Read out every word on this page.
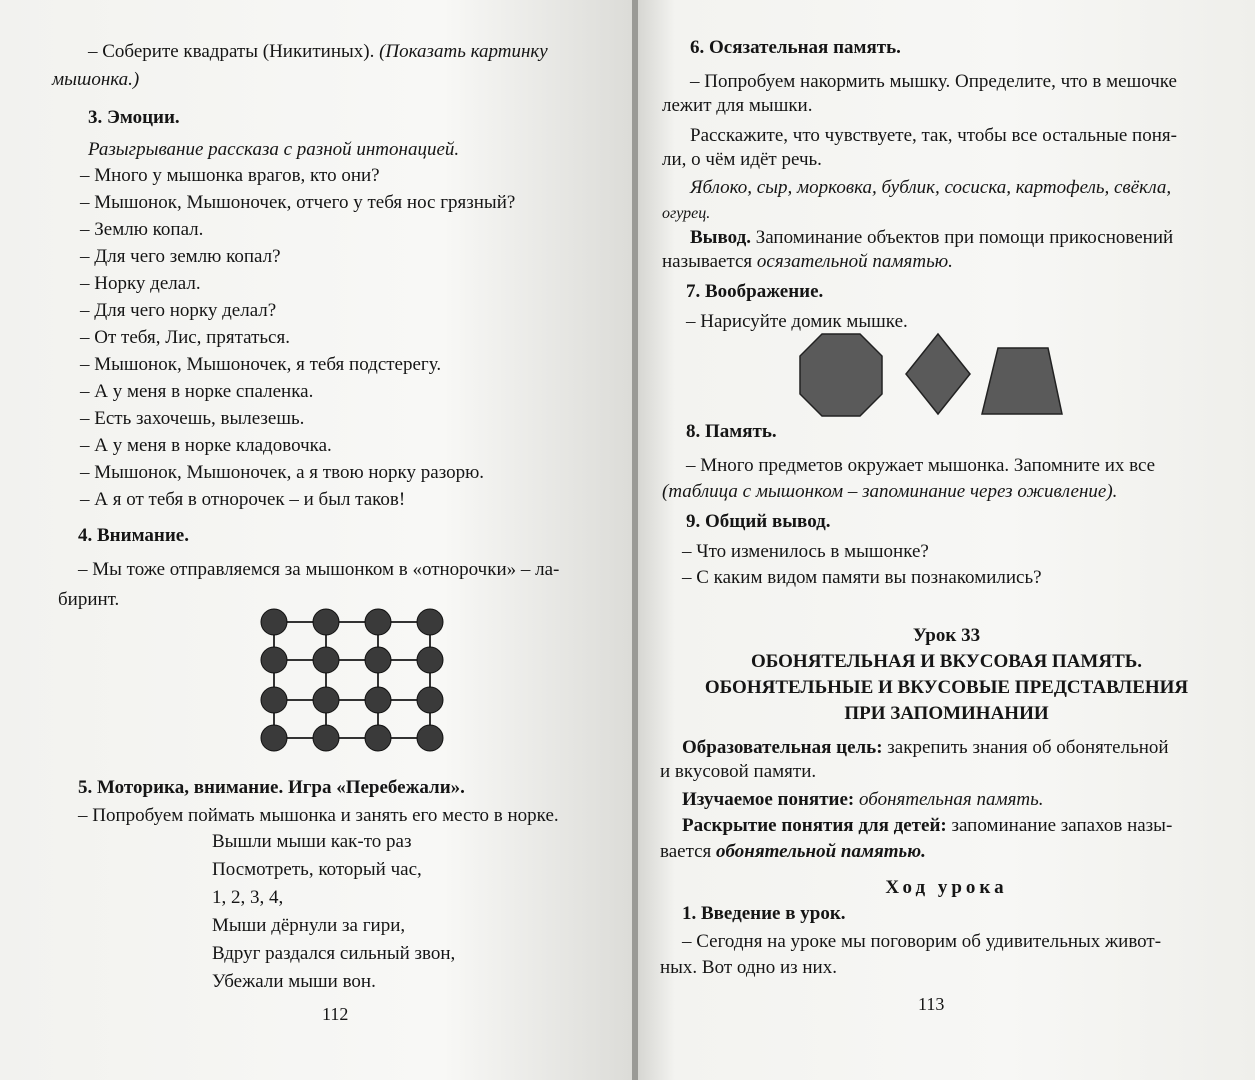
– Соберите квадраты (Никитиных). (Показать картинку
мышонка.)
3. Эмоции.
Разыгрывание рассказа с разной интонацией.
– Много у мышонка врагов, кто они?
– Мышонок, Мышоночек, отчего у тебя нос грязный?
– Землю копал.
– Для чего землю копал?
– Норку делал.
– Для чего норку делал?
– От тебя, Лис, прятаться.
– Мышонок, Мышоночек, я тебя подстерегу.
– А у меня в норке спаленка.
– Есть захочешь, вылезешь.
– А у меня в норке кладовочка.
– Мышонок, Мышоночек, а я твою норку разорю.
– А я от тебя в отнорочек – и был таков!
4. Внимание.
– Мы тоже отправляемся за мышонком в «отнорочки» – ла-
биринт.
5. Моторика, внимание. Игра «Перебежали».
– Попробуем поймать мышонка и занять его место в норке.
Вышли мыши как-то раз
Посмотреть, который час,
1, 2, 3, 4,
Мыши дёрнули за гири,
Вдруг раздался сильный звон,
Убежали мыши вон.
112
6. Осязательная память.
– Попробуем накормить мышку. Определите, что в мешочке
лежит для мышки.
Расскажите, что чувствуете, так, чтобы все остальные поня-
ли, о чём идёт речь.
Яблоко, сыр, морковка, бублик, сосиска, картофель, свёкла,
огурец.
Вывод. Запоминание объектов при помощи прикосновений
называется осязательной памятью.
7. Воображение.
– Нарисуйте домик мышке.
8. Память.
– Много предметов окружает мышонка. Запомните их все
(таблица с мышонком – запоминание через оживление).
9. Общий вывод.
– Что изменилось в мышонке?
– С каким видом памяти вы познакомились?
Урок 33
ОБОНЯТЕЛЬНАЯ И ВКУСОВАЯ ПАМЯТЬ.
ОБОНЯТЕЛЬНЫЕ И ВКУСОВЫЕ ПРЕДСТАВЛЕНИЯ
ПРИ ЗАПОМИНАНИИ
Образовательная цель: закрепить знания об обонятельной
и вкусовой памяти.
Изучаемое понятие: обонятельная память.
Раскрытие понятия для детей: запоминание запахов назы-
вается обонятельной памятью.
Ход урока
1. Введение в урок.
– Сегодня на уроке мы поговорим об удивительных живот-
ных. Вот одно из них.
113
